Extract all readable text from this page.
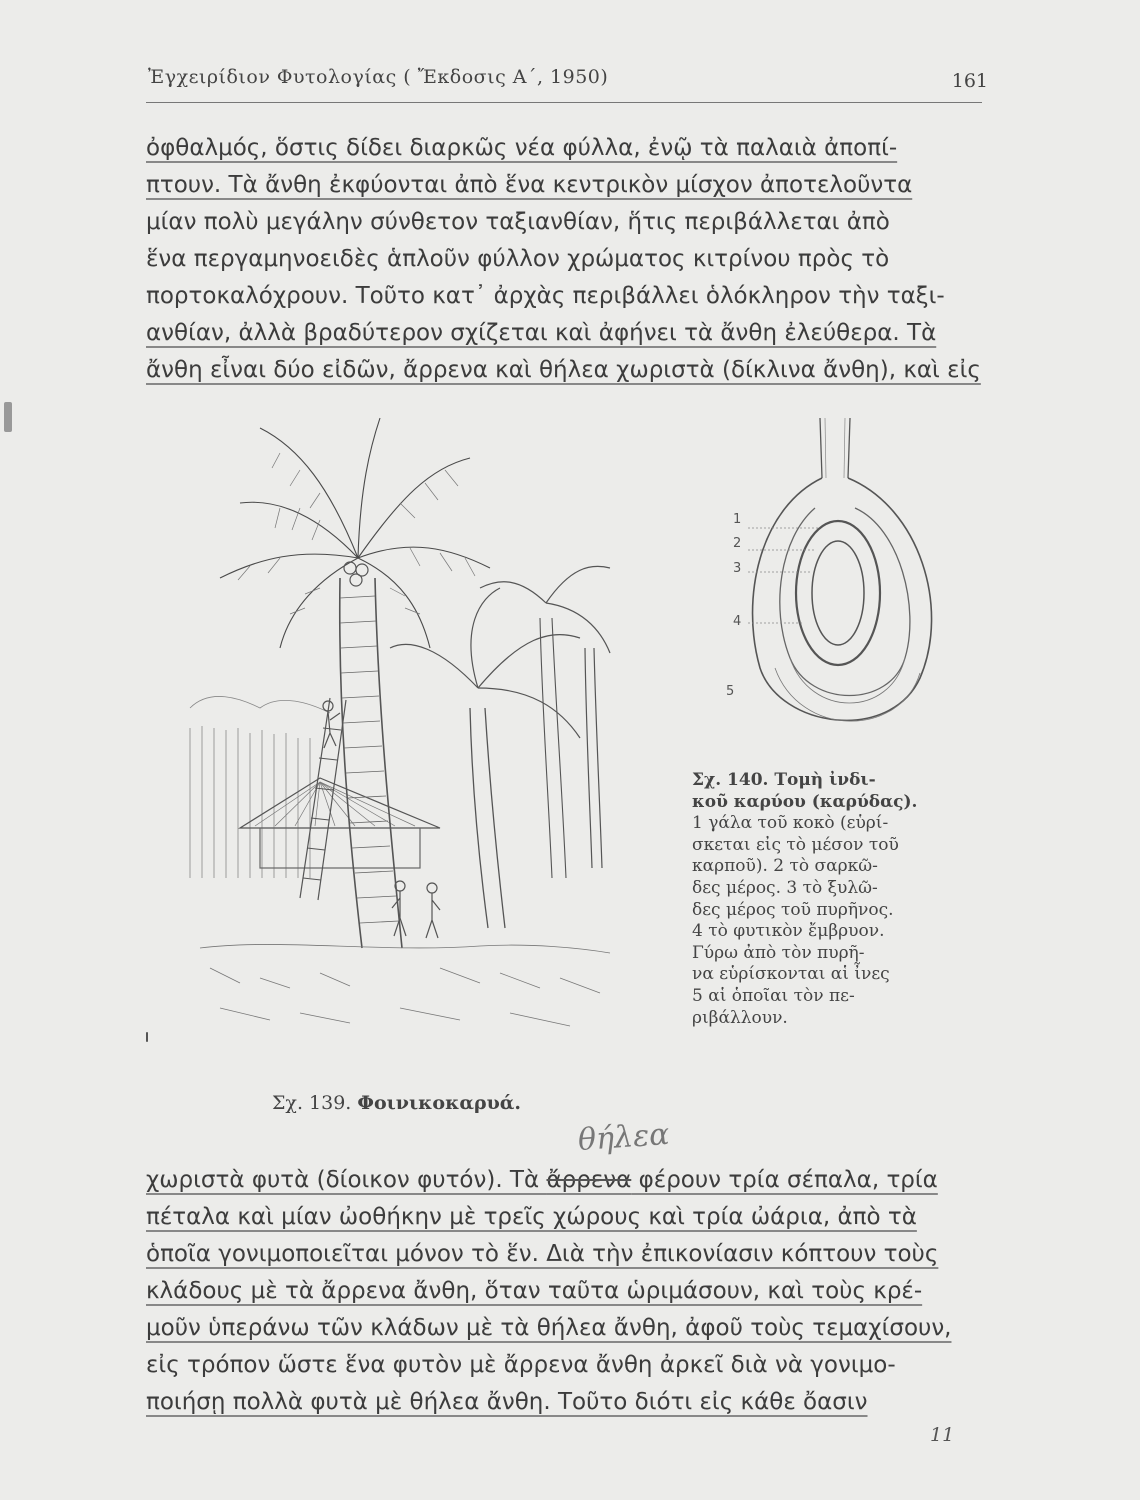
Ἐγχειρίδιον Φυτολογίας ( Ἔκδοσις Α΄, 1950)	161
ὀφθαλμός, ὅστις δίδει διαρκῶς νέα φύλλα, ἐνῷ τὰ παλαιὰ ἀποπί-
πτουν. Τὰ ἄνθη ἐκφύονται ἀπὸ ἕνα κεντρικὸν μίσχον ἀποτελοῦντα
μίαν πολὺ μεγάλην σύνθετον ταξιανθίαν, ἥτις περιβάλλεται ἀπὸ
ἕνα περγαμηνοειδὲς ἁπλοῦν φύλλον χρώματος κιτρίνου πρὸς τὸ
πορτοκαλόχρουν. Τοῦτο κατ᾽ ἀρχὰς περιβάλλει ὁλόκληρον τὴν ταξι-
ανθίαν, ἀλλὰ βραδύτερον σχίζεται καὶ ἀφήνει τὰ ἄνθη ἐλεύθερα. Τὰ
ἄνθη εἶναι δύο εἰδῶν, ἄρρενα καὶ θήλεα χωριστὰ (δίκλινα ἄνθη), καὶ εἰς
1
2
3
4
5
Σχ. 140. Τομὴ ἰνδι-
κοῦ καρύου (καρύδας).
1 γάλα τοῦ κοκὸ (εὑρί-
σκεται εἰς τὸ μέσον τοῦ
καρποῦ). 2 τὸ σαρκῶ-
δες μέρος. 3 τὸ ξυλῶ-
δες μέρος τοῦ πυρῆνος.
4 τὸ φυτικὸν ἔμβρυον.
Γύρω ἀπὸ τὸν πυρῆ-
να εὑρίσκονται αἱ ἶνες
5 αἱ ὁποῖαι τὸν πε-
ριβάλλουν.
Σχ. 139. Φοινικοκαρυά.
θήλεα
χωριστὰ φυτὰ (δίοικον φυτόν). Τὰ ἄρρενα φέρουν τρία σέπαλα, τρία
πέταλα καὶ μίαν ὠοθήκην μὲ τρεῖς χώρους καὶ τρία ὠάρια, ἀπὸ τὰ
ὁποῖα γονιμοποιεῖται μόνον τὸ ἕν. Διὰ τὴν ἐπικονίασιν κόπτουν τοὺς
κλάδους μὲ τὰ ἄρρενα ἄνθη, ὅταν ταῦτα ὡριμάσουν, καὶ τοὺς κρέ-
μοῦν ὑπεράνω τῶν κλάδων μὲ τὰ θήλεα ἄνθη, ἀφοῦ τοὺς τεμαχίσουν,
εἰς τρόπον ὥστε ἕνα φυτὸν μὲ ἄρρενα ἄνθη ἀρκεῖ διὰ νὰ γονιμο-
ποιήσῃ πολλὰ φυτὰ μὲ θήλεα ἄνθη. Τοῦτο διότι εἰς κάθε ὄασιν
11
